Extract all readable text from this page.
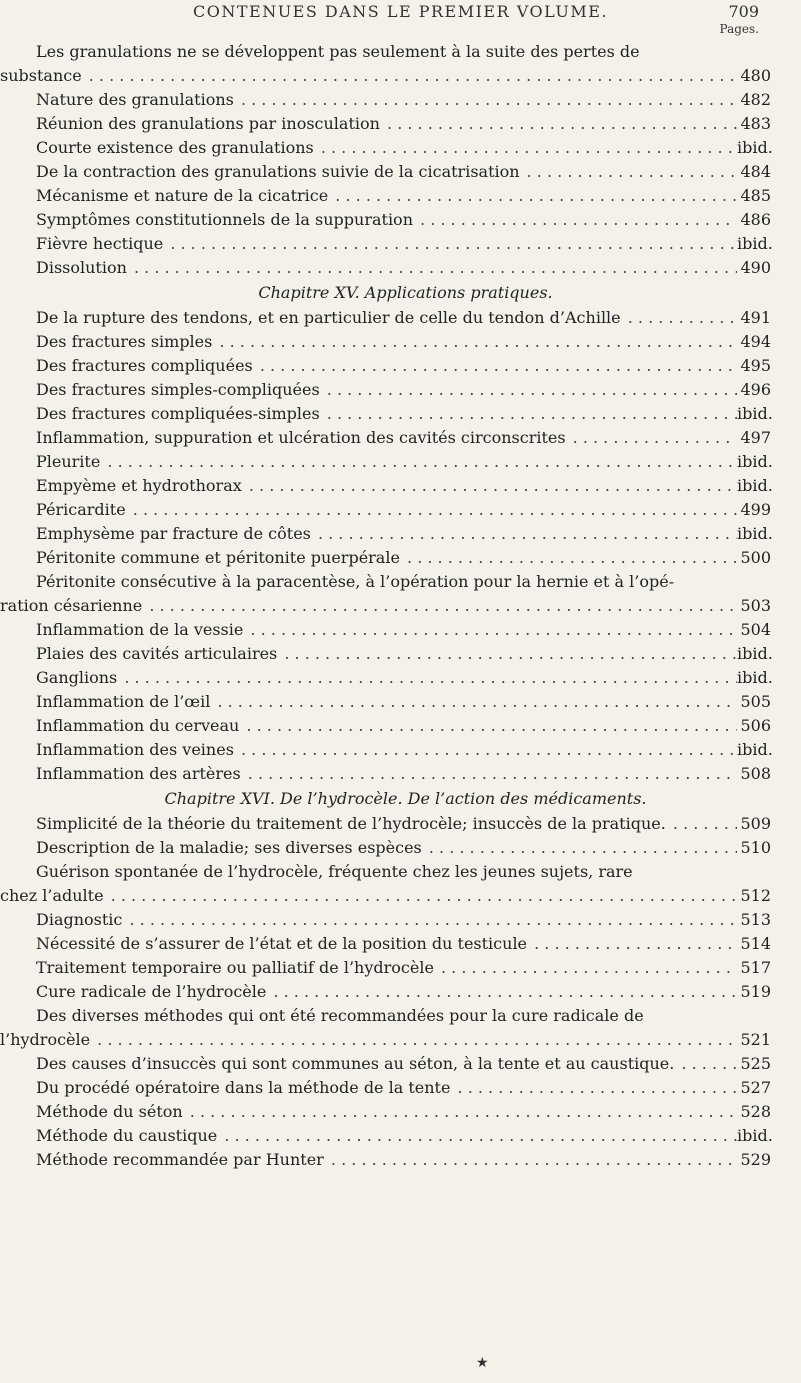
CONTENUES DANS LE PREMIER VOLUME.	709
Pages.
Les granulations ne se développent pas seulement à la suite des pertes de
substance . . .	480
Nature des granulations . . .	482
Réunion des granulations par inosculation . . .	483
Courte existence des granulations . . .	ibid.
De la contraction des granulations suivie de la cicatrisation . . .	484
Mécanisme et nature de la cicatrice . . .	485
Symptômes constitutionnels de la suppuration . . .	486
Fièvre hectique . . .	ibid.
Dissolution . . .	490
Chapitre XV. Applications pratiques.
De la rupture des tendons, et en particulier de celle du tendon d’Achille . . .	491
Des fractures simples . . .	494
Des fractures compliquées . . .	495
Des fractures simples-compliquées . . .	496
Des fractures compliquées-simples . . .	ibid.
Inflammation, suppuration et ulcération des cavités circonscrites . . .	497
Pleurite . . .	ibid.
Empyème et hydrothorax . . .	ibid.
Péricardite . . .	499
Emphysème par fracture de côtes . . .	ibid.
Péritonite commune et péritonite puerpérale . . .	500
Péritonite consécutive à la paracentèse, à l’opération pour la hernie et à l’opé-
ration césarienne . . .	503
Inflammation de la vessie . . .	504
Plaies des cavités articulaires . . .	ibid.
Ganglions . . .	ibid.
Inflammation de l’œil . . .	505
Inflammation du cerveau . . .	506
Inflammation des veines . . .	ibid.
Inflammation des artères . . .	508
Chapitre XVI. De l’hydrocèle. De l’action des médicaments.
Simplicité de la théorie du traitement de l’hydrocèle; insuccès de la pratique. . . .	509
Description de la maladie; ses diverses espèces . . .	510
Guérison spontanée de l’hydrocèle, fréquente chez les jeunes sujets, rare
chez l’adulte . . .	512
Diagnostic . . .	513
Nécessité de s’assurer de l’état et de la position du testicule . . .	514
Traitement temporaire ou palliatif de l’hydrocèle . . .	517
Cure radicale de l’hydrocèle . . .	519
Des diverses méthodes qui ont été recommandées pour la cure radicale de
l’hydrocèle . . .	521
Des causes d’insuccès qui sont communes au séton, à la tente et au caustique. . . .	525
Du procédé opératoire dans la méthode de la tente . . .	527
Méthode du séton . . .	528
Méthode du caustique . . .	ibid.
Méthode recommandée par Hunter . . .	529
★
